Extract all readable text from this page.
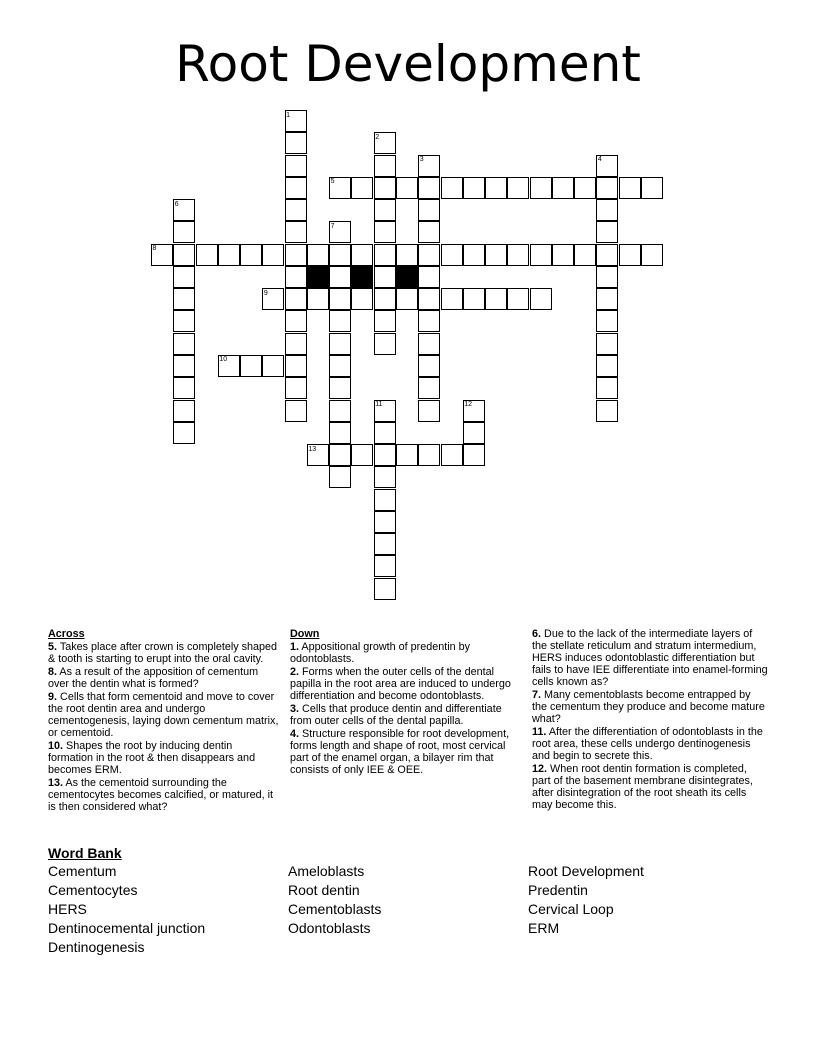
Root Development
1
2
3	4
5
6
7
8
9
10
11	12
13

Across

5. Takes place after crown is completely shaped & tooth is starting to erupt into the oral cavity.

8. As a result of the apposition of cementum over the dentin what is formed?

9. Cells that form cementoid and move to cover the root dentin area and undergo cementogenesis, laying down cementum matrix, or cementoid.

10. Shapes the root by inducing dentin formation in the root & then disappears and becomes ERM.

13. As the cementoid surrounding the cementocytes becomes calcified, or matured, it is then considered what?

Down

1. Appositional growth of predentin by odontoblasts.

2. Forms when the outer cells of the dental papilla in the root area are induced to undergo differentiation and become odontoblasts.

3. Cells that produce dentin and differentiate from outer cells of the dental papilla.

4. Structure responsible for root development, forms length and shape of root, most cervical part of the enamel organ, a bilayer rim that consists of only IEE & OEE.

6. Due to the lack of the intermediate layers of the stellate reticulum and stratum intermedium, HERS induces odontoblastic differentiation but fails to have IEE differentiate into enamel-forming cells known as?

7. Many cementoblasts become entrapped by the cementum they produce and become mature what?

11. After the differentiation of odontoblasts in the root area, these cells undergo dentinogenesis and begin to secrete this.

12. When root dentin formation is completed, part of the basement membrane disintegrates, after disintegration of the root sheath its cells may become this.

Word Bank
Cementum
Cementocytes
HERS
Dentinocemental junction
Dentinogenesis
Ameloblasts
Root dentin
Cementoblasts
Odontoblasts
Root Development
Predentin
Cervical Loop
ERM
